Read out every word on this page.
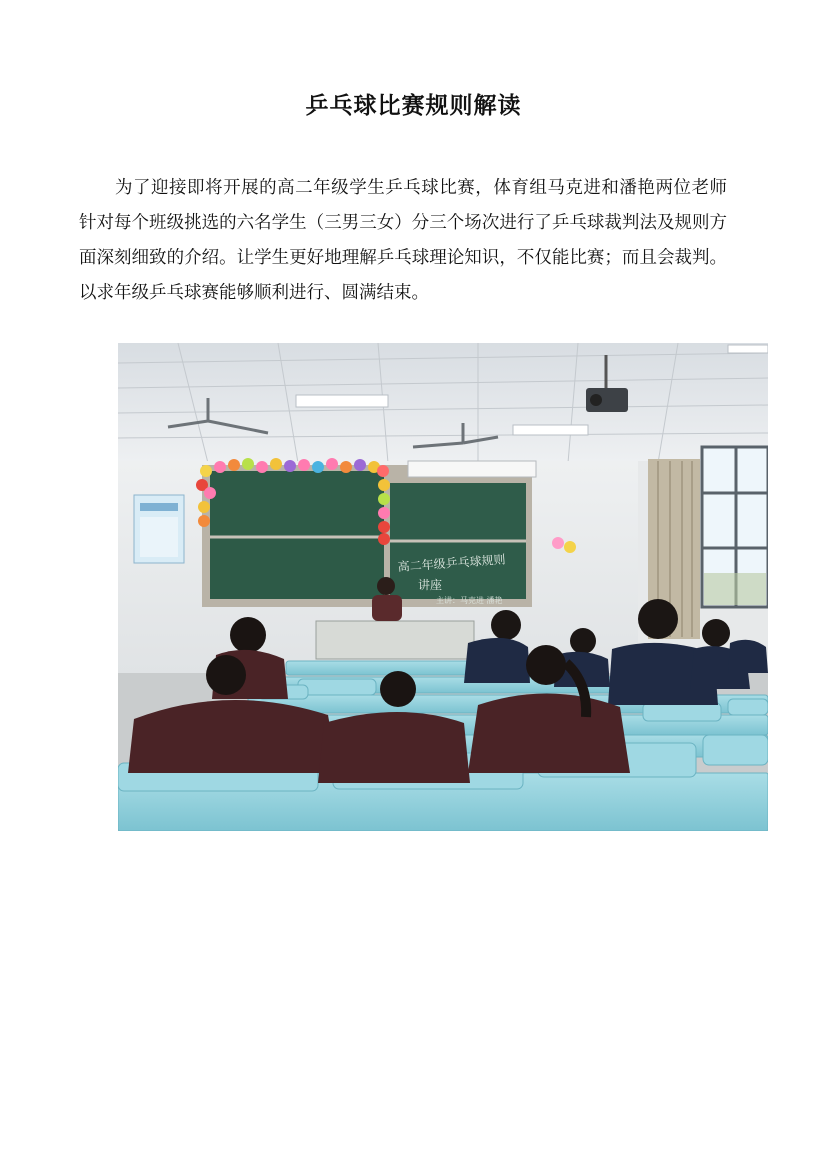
乒乓球比赛规则解读
为了迎接即将开展的高二年级学生乒乓球比赛，体育组马克进和潘艳两位老师针对每个班级挑选的六名学生（三男三女）分三个场次进行了乒乓球裁判法及规则方面深刻细致的介绍。让学生更好地理解乒乓球理论知识，不仅能比赛；而且会裁判。以求年级乒乓球赛能够顺利进行、圆满结束。
高二年级乒乓球规则
讲座
主讲：马克进 潘艳
